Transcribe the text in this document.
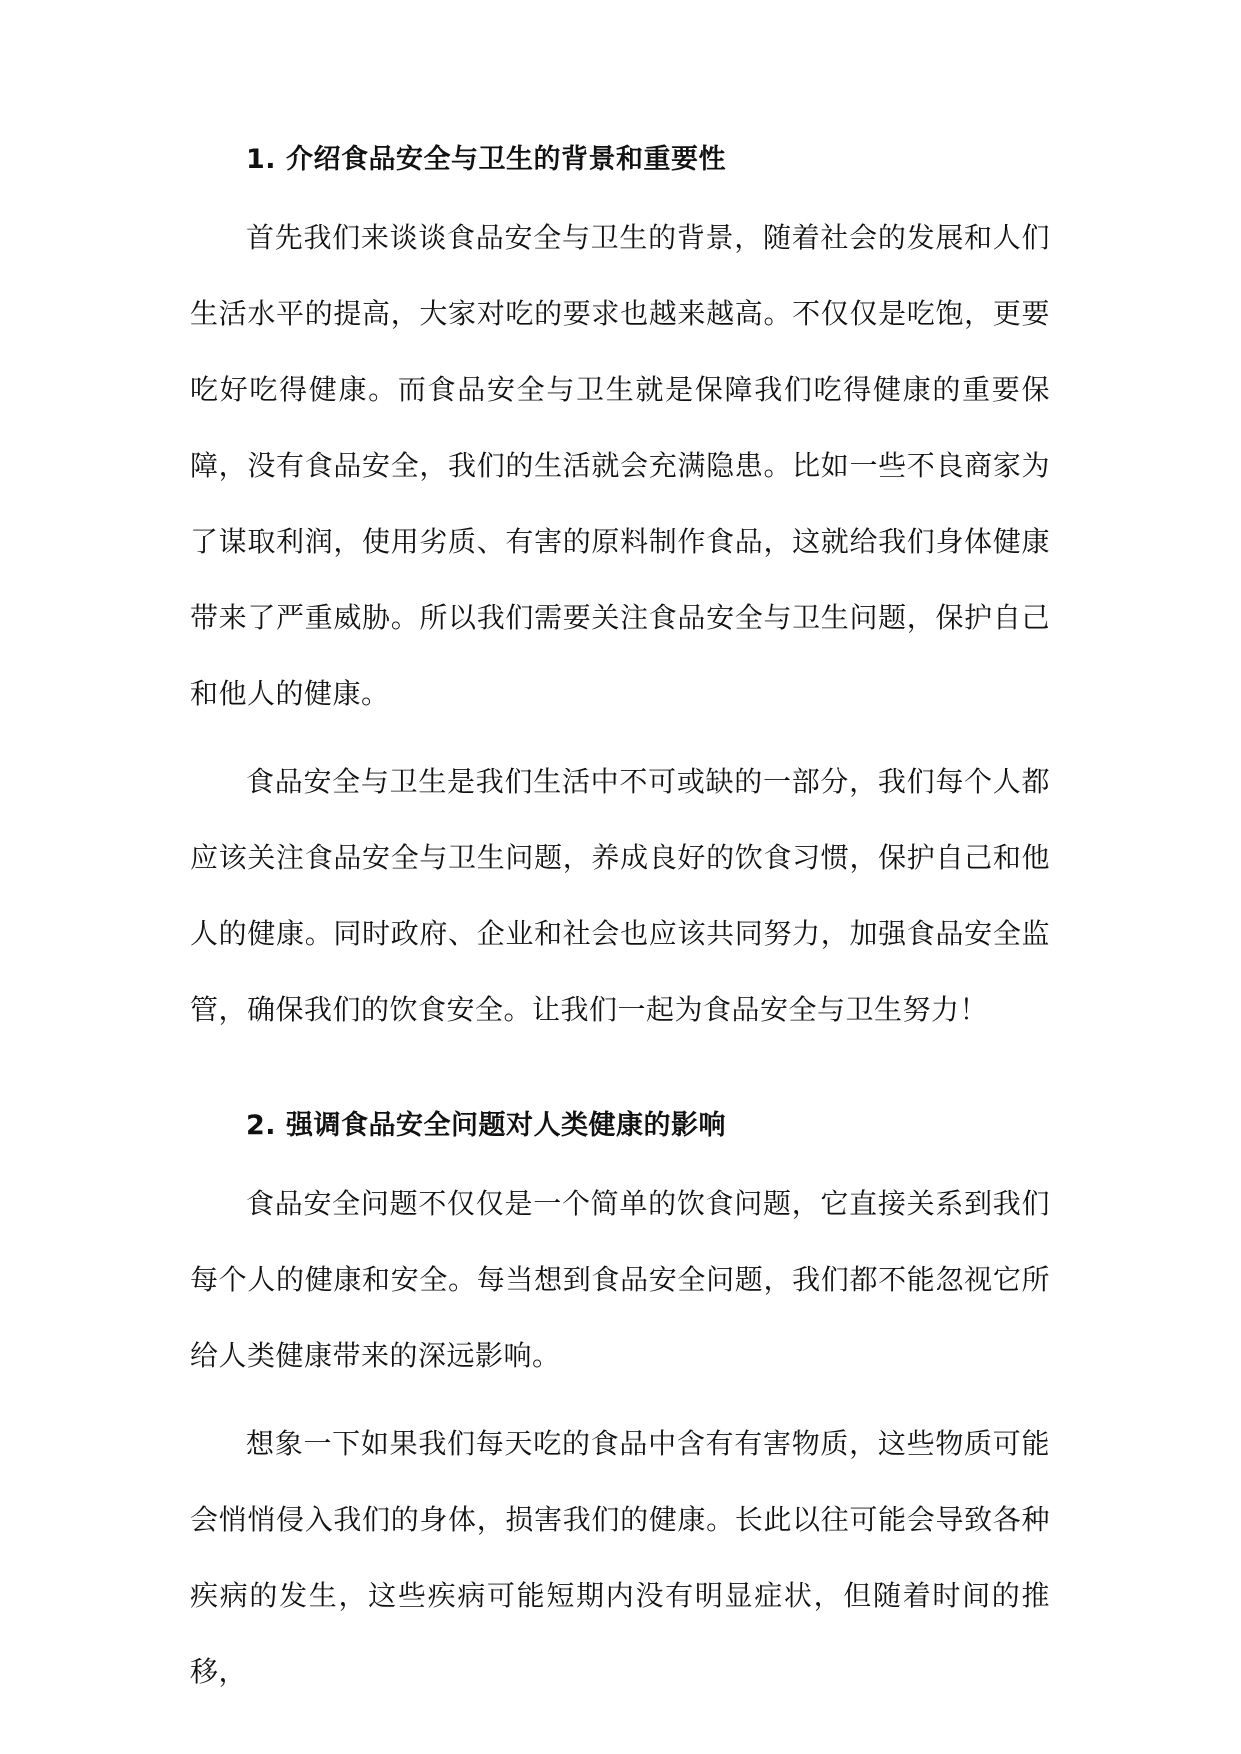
1. 介绍食品安全与卫生的背景和重要性

首先我们来谈谈食品安全与卫生的背景，随着社会的发展和人们生活水平的提高，大家对吃的要求也越来越高。不仅仅是吃饱，更要吃好吃得健康。而食品安全与卫生就是保障我们吃得健康的重要保障，没有食品安全，我们的生活就会充满隐患。比如一些不良商家为了谋取利润，使用劣质、有害的原料制作食品，这就给我们身体健康带来了严重威胁。所以我们需要关注食品安全与卫生问题，保护自己和他人的健康。

食品安全与卫生是我们生活中不可或缺的一部分，我们每个人都应该关注食品安全与卫生问题，养成良好的饮食习惯，保护自己和他人的健康。同时政府、企业和社会也应该共同努力，加强食品安全监管，确保我们的饮食安全。让我们一起为食品安全与卫生努力！

2. 强调食品安全问题对人类健康的影响

食品安全问题不仅仅是一个简单的饮食问题，它直接关系到我们每个人的健康和安全。每当想到食品安全问题，我们都不能忽视它所给人类健康带来的深远影响。

想象一下如果我们每天吃的食品中含有有害物质，这些物质可能会悄悄侵入我们的身体，损害我们的健康。长此以往可能会导致各种疾病的发生，这些疾病可能短期内没有明显症状，但随着时间的推移，
